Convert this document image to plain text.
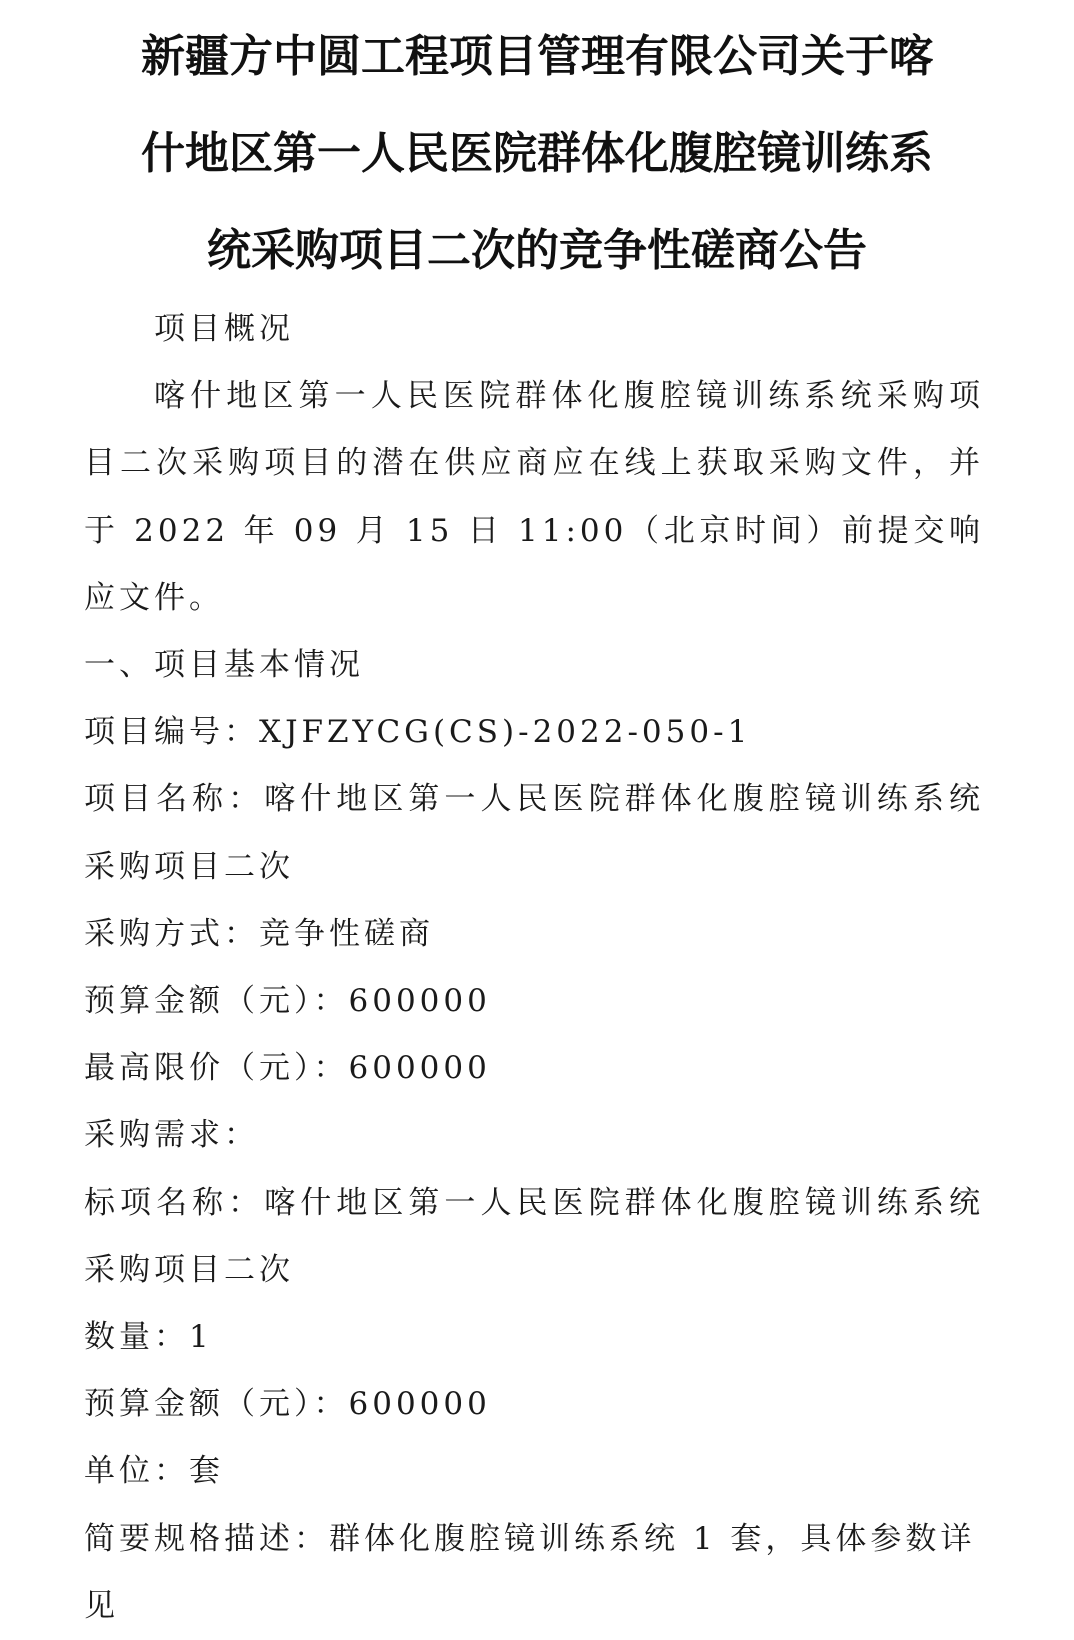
新疆方中圆工程项目管理有限公司关于喀
什地区第一人民医院群体化腹腔镜训练系
统采购项目二次的竞争性磋商公告

项目概况

喀什地区第一人民医院群体化腹腔镜训练系统采购项目二次采购项目的潜在供应商应在线上获取采购文件，并于 2022 年 09 月 15 日 11:00（北京时间）前提交响应文件。

一、项目基本情况

项目编号：XJFZYCG(CS)-2022-050-1

项目名称：喀什地区第一人民医院群体化腹腔镜训练系统采购项目二次

采购方式：竞争性磋商

预算金额（元）：600000

最高限价（元）：600000

采购需求：

标项名称：喀什地区第一人民医院群体化腹腔镜训练系统采购项目二次

数量：1

预算金额（元）：600000

单位：套

简要规格描述：群体化腹腔镜训练系统 1 套，具体参数详见
